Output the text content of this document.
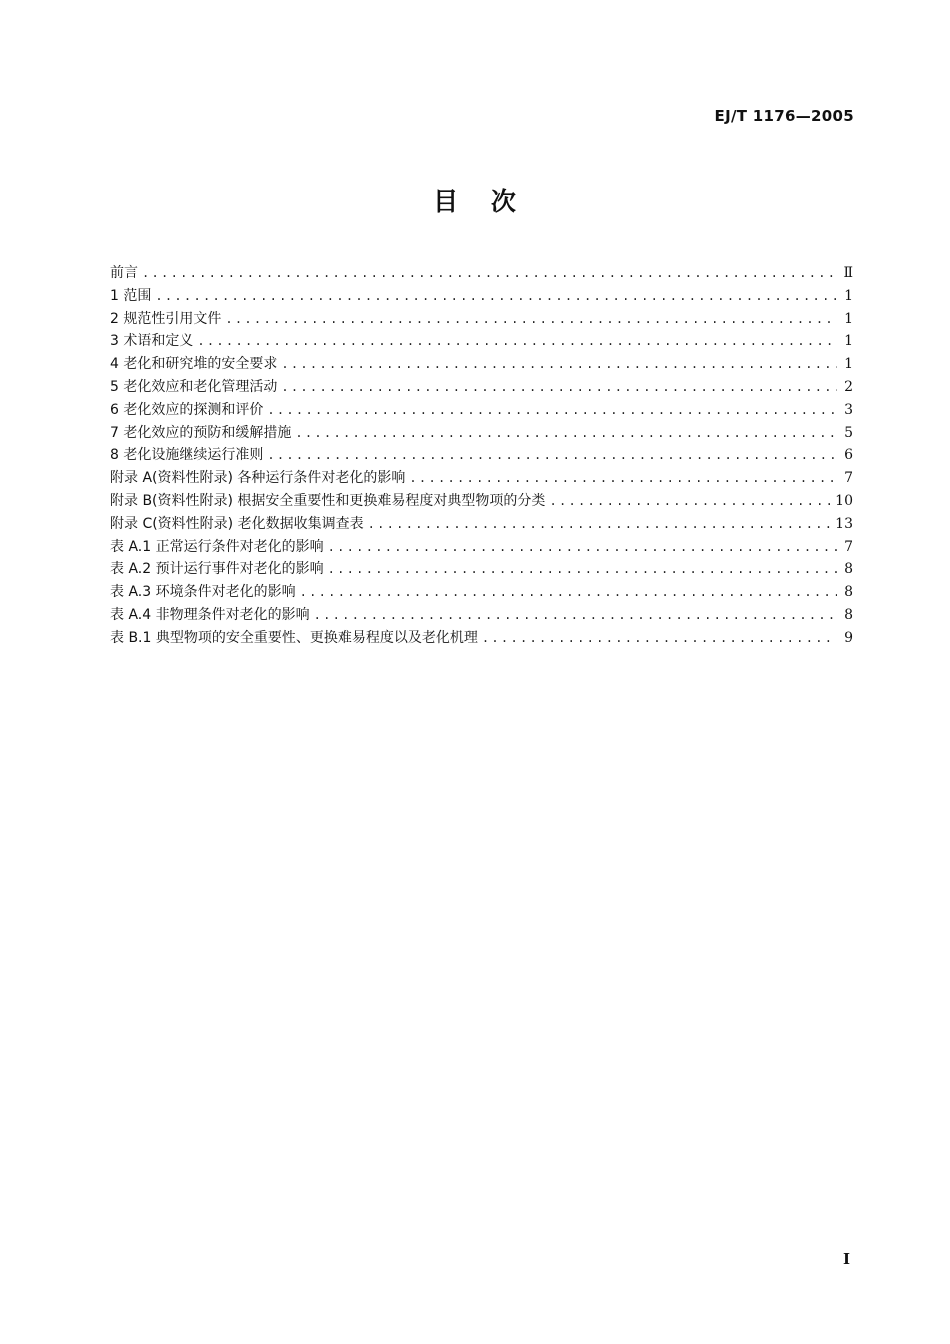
EJ/T 1176—2005
目 次
前言 .....	Ⅱ
1 范围 .....	1
2 规范性引用文件 .....	1
3 术语和定义 .....	1
4 老化和研究堆的安全要求 .....	1
5 老化效应和老化管理活动 .....	2
6 老化效应的探测和评价 .....	3
7 老化效应的预防和缓解措施 .....	5
8 老化设施继续运行准则 .....	6
附录 A(资料性附录) 各种运行条件对老化的影响 .....	7
附录 B(资料性附录) 根据安全重要性和更换难易程度对典型物项的分类 .....	10
附录 C(资料性附录) 老化数据收集调查表 .....	13
表 A.1 正常运行条件对老化的影响 .....	7
表 A.2 预计运行事件对老化的影响 .....	8
表 A.3 环境条件对老化的影响 .....	8
表 A.4 非物理条件对老化的影响 .....	8
表 B.1 典型物项的安全重要性、更换难易程度以及老化机理 .....	9
I
